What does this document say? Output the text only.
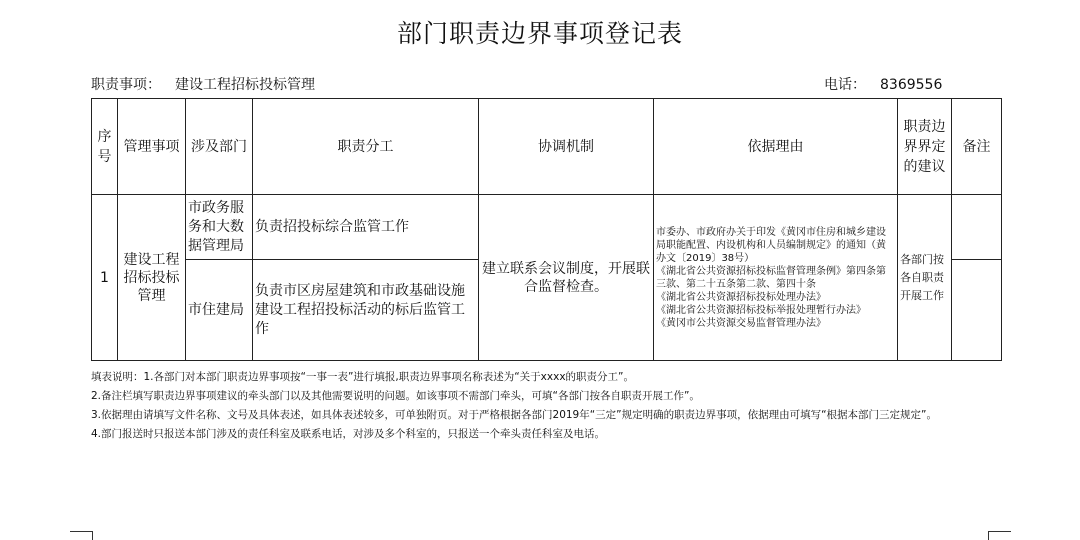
部门职责边界事项登记表
职责事项： 建设工程招标投标管理	电话： 8369556
序号	管理事项	涉及部门	职责分工	协调机制	依据理由	职责边界界定的建议	备注
1	建设工程招标投标管理	市政务服务和大数据管理局	负责招投标综合监管工作	建立联系会议制度，开展联合监督检查。	市委办、市政府办关于印发《黄冈市住房和城乡建设局职能配置、内设机构和人员编制规定》的通知（黄办文〔2019〕38号）
《湖北省公共资源招标投标监督管理条例》第四条第三款、第二十五条第二款、第四十条
《湖北省公共资源招标投标处理办法》
《湖北省公共资源招标投标举报处理暂行办法》
《黄冈市公共资源交易监督管理办法》	各部门按各自职责开展工作	
		市住建局	负责市区房屋建筑和市政基础设施建设工程招投标活动的标后监管工作				
填表说明：1.各部门对本部门职责边界事项按“一事一表”进行填报,职责边界事项名称表述为“关于xxxx的职责分工”。
2.备注栏填写职责边界事项建议的牵头部门以及其他需要说明的问题。如该事项不需部门牵头，可填“各部门按各自职责开展工作”。
3.依据理由请填写文件名称、文号及具体表述，如具体表述较多，可单独附页。对于严格根据各部门2019年“三定”规定明确的职责边界事项，依据理由可填写“根据本部门三定规定”。
4.部门报送时只报送本部门涉及的责任科室及联系电话，对涉及多个科室的，只报送一个牵头责任科室及电话。
